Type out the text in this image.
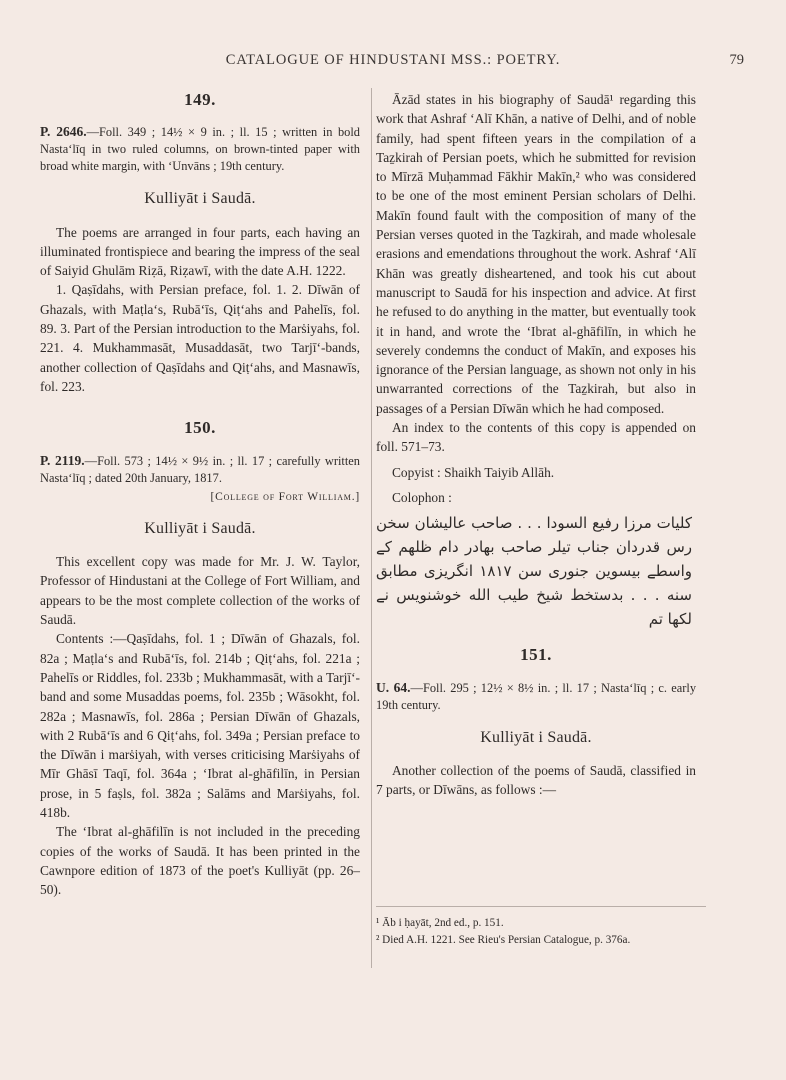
CATALOGUE OF HINDUSTANI MSS.: POETRY.	79
149.
P. 2646.—Foll. 349 ; 14½ × 9 in. ; ll. 15 ; written in bold Nasta‘līq in two ruled columns, on brown-tinted paper with broad white margin, with ‘Unvāns ; 19th century.
Kulliyāt i Saudā.

The poems are arranged in four parts, each having an illuminated frontispiece and bearing the impress of the seal of Saiyid Ghulām Riẓā, Riẓawī, with the date A.H. 1222.

1. Qaṣīdahs, with Persian preface, fol. 1. 2. Dīwān of Ghazals, with Maṭla‘s, Rubā‘īs, Qiṭ‘ahs and Pahelīs, fol. 89. 3. Part of the Persian introduction to the Marṡiyahs, fol. 221. 4. Mukhammasāt, Musaddasāt, two Tarjī‘-bands, another collection of Qaṣīdahs and Qiṭ‘ahs, and Masnawīs, fol. 223.

150.
P. 2119.—Foll. 573 ; 14½ × 9½ in. ; ll. 17 ; carefully written Nasta‘līq ; dated 20th January, 1817.
[College of Fort William.]
Kulliyāt i Saudā.

This excellent copy was made for Mr. J. W. Taylor, Professor of Hindustani at the College of Fort William, and appears to be the most complete collection of the works of Saudā.

Contents :—Qaṣīdahs, fol. 1 ; Dīwān of Ghazals, fol. 82a ; Maṭla‘s and Rubā‘īs, fol. 214b ; Qiṭ‘ahs, fol. 221a ; Pahelīs or Riddles, fol. 233b ; Mukhammasāt, with a Tarjī‘-band and some Musaddas poems, fol. 235b ; Wāsokht, fol. 282a ; Masnawīs, fol. 286a ; Persian Dīwān of Ghazals, with 2 Rubā‘īs and 6 Qiṭ‘ahs, fol. 349a ; Persian preface to the Dīwān i marṡiyah, with verses criticising Marṡiyahs of Mīr Ghāsī Taqī, fol. 364a ; ‘Ibrat al-ghāfilīn, in Persian prose, in 5 faṣls, fol. 382a ; Salāms and Marṡiyahs, fol. 418b.

The ‘Ibrat al-ghāfilīn is not included in the preceding copies of the works of Saudā. It has been printed in the Cawnpore edition of 1873 of the poet's Kulliyāt (pp. 26–50).

Āzād states in his biography of Saudā¹ regarding this work that Ashraf ‘Alī Khān, a native of Delhi, and of noble family, had spent fifteen years in the compilation of a Taẕkirah of Persian poets, which he submitted for revision to Mīrzā Muḥammad Fākhir Makīn,² who was considered to be one of the most eminent Persian scholars of Delhi. Makīn found fault with the composition of many of the Persian verses quoted in the Taẕkirah, and made wholesale erasions and emendations throughout the work. Ashraf ‘Alī Khān was greatly disheartened, and took his cut about manuscript to Saudā for his inspection and advice. At first he refused to do anything in the matter, but eventually took it in hand, and wrote the ‘Ibrat al-ghāfilīn, in which he severely condemns the conduct of Makīn, and exposes his ignorance of the Persian language, as shown not only in his unwarranted corrections of the Taẕkirah, but also in passages of a Persian Dīwān which he had composed.

An index to the contents of this copy is appended on foll. 571–73.

Copyist : Shaikh Taiyib Allāh.

Colophon :

کلیات مرزا رفیع السودا . . . صاحب عالیشان سخن رس قدردان جناب تیلر صاحب بهادر دام ظلهم کے واسطے بیسوین جنوری سن ۱۸۱۷ انگریزی مطابق سنه . . . بدستخط شیخ طیب الله خوشنویس نے لکها تم

151.
U. 64.—Foll. 295 ; 12½ × 8½ in. ; ll. 17 ; Nasta‘līq ; c. early 19th century.
Kulliyāt i Saudā.

Another collection of the poems of Saudā, classified in 7 parts, or Dīwāns, as follows :—

¹ Āb i ḥayāt, 2nd ed., p. 151.

² Died A.H. 1221. See Rieu's Persian Catalogue, p. 376a.
